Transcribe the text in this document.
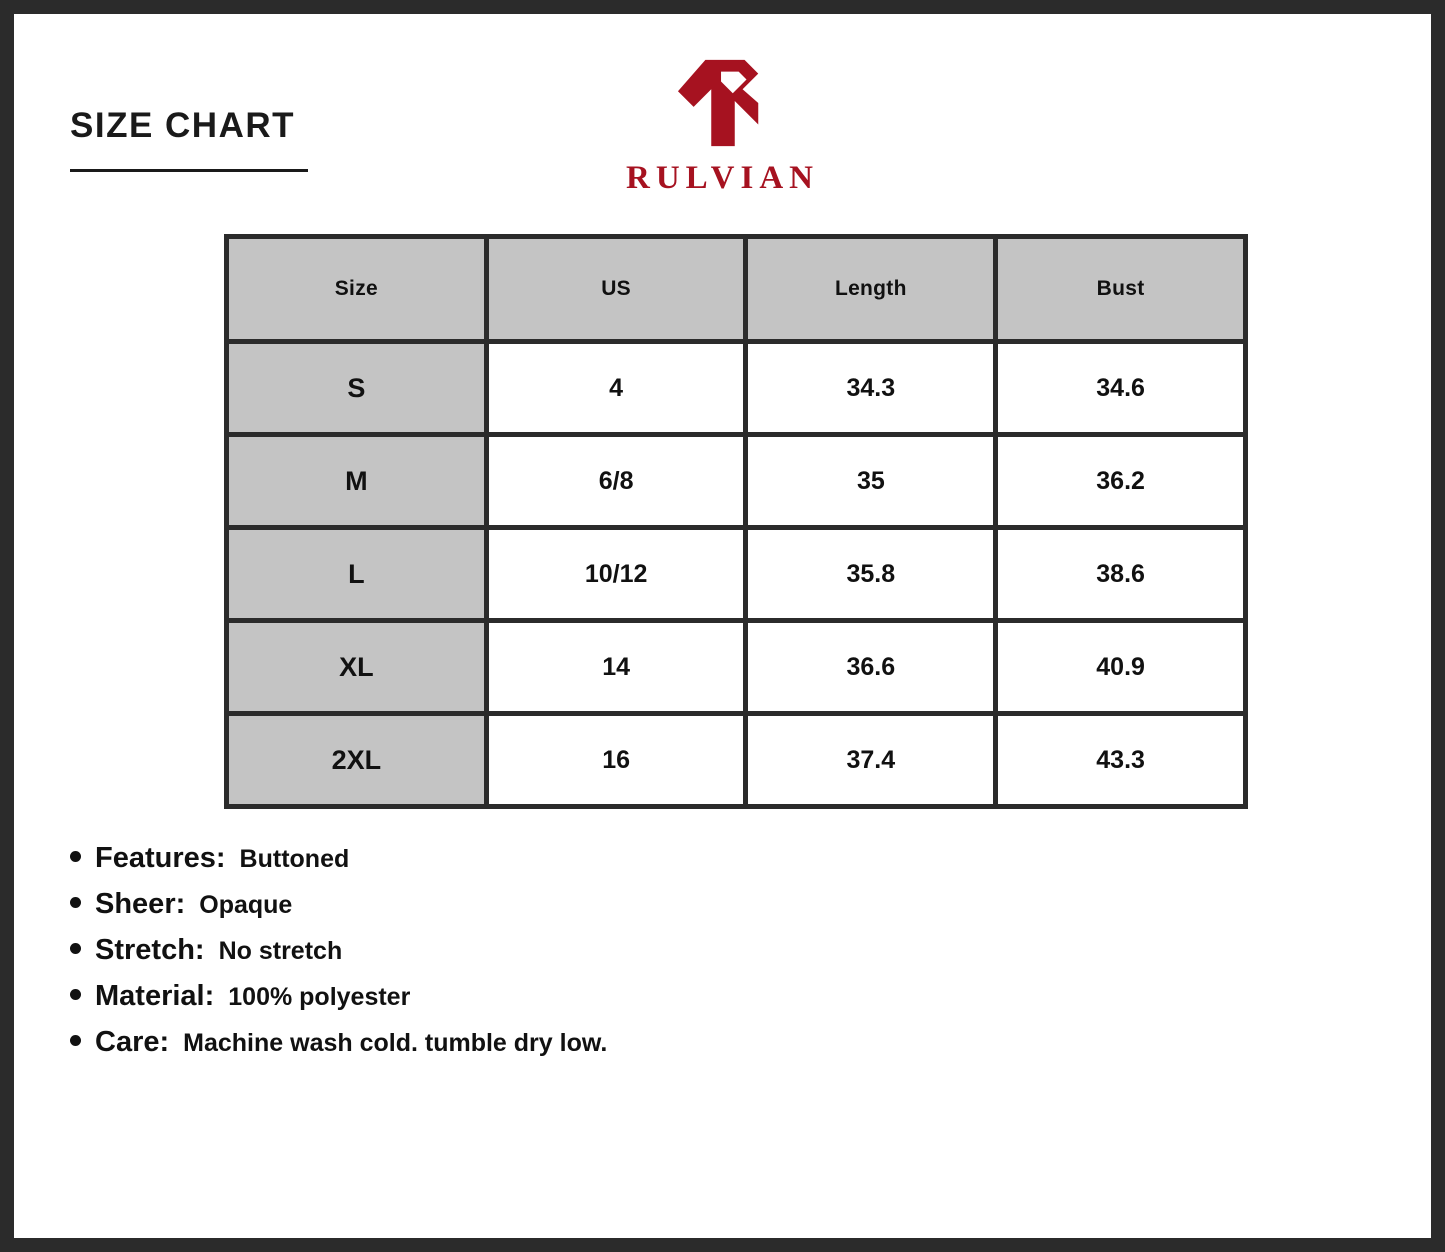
SIZE CHART
RULVIAN
Size	US	Length	Bust
S	4	34.3	34.6
M	6/8	35	36.2
L	10/12	35.8	38.6
XL	14	36.6	40.9
2XL	16	37.4	43.3
Features: Buttoned
Sheer: Opaque
Stretch: No stretch
Material: 100% polyester
Care: Machine wash cold. tumble dry low.
